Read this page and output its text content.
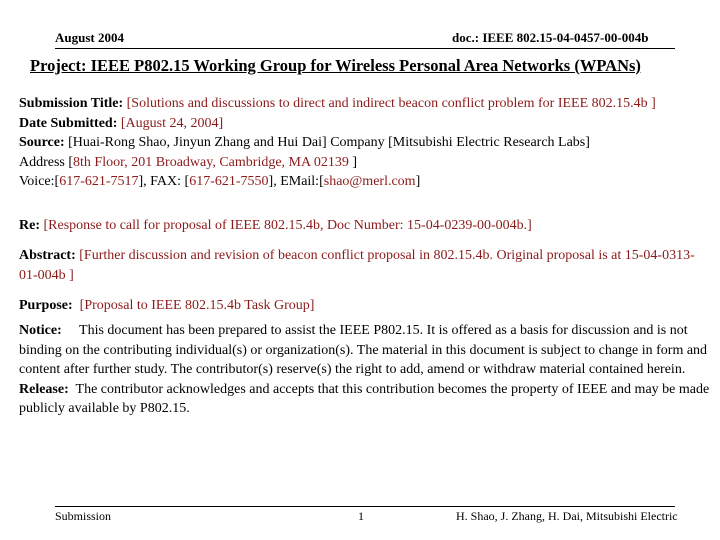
August 2004	doc.: IEEE 802.15-04-0457-00-004b
Project: IEEE P802.15 Working Group for Wireless Personal Area Networks (WPANs)
Submission Title: [Solutions and discussions to direct and indirect beacon conflict problem for IEEE 802.15.4b ]
Date Submitted: [August 24, 2004]
Source: [Huai-Rong Shao, Jinyun Zhang and Hui Dai] Company [Mitsubishi Electric Research Labs]
Address [8th Floor, 201 Broadway, Cambridge, MA 02139 ]
Voice:[617-621-7517], FAX: [617-621-7550], EMail:[shao@merl.com]
Re: [Response to call for proposal of IEEE 802.15.4b, Doc Number: 15-04-0239-00-004b.]
Abstract: [Further discussion and revision of beacon conflict proposal in 802.15.4b. Original proposal is at 15-04-0313-01-004b ]
Purpose: [Proposal to IEEE 802.15.4b Task Group]
Notice: This document has been prepared to assist the IEEE P802.15. It is offered as a basis for discussion and is not binding on the contributing individual(s) or organization(s). The material in this document is subject to change in form and content after further study. The contributor(s) reserve(s) the right to add, amend or withdraw material contained herein.
Release: The contributor acknowledges and accepts that this contribution becomes the property of IEEE and may be made publicly available by P802.15.
Submission	1	H. Shao, J. Zhang, H. Dai, Mitsubishi Electric
